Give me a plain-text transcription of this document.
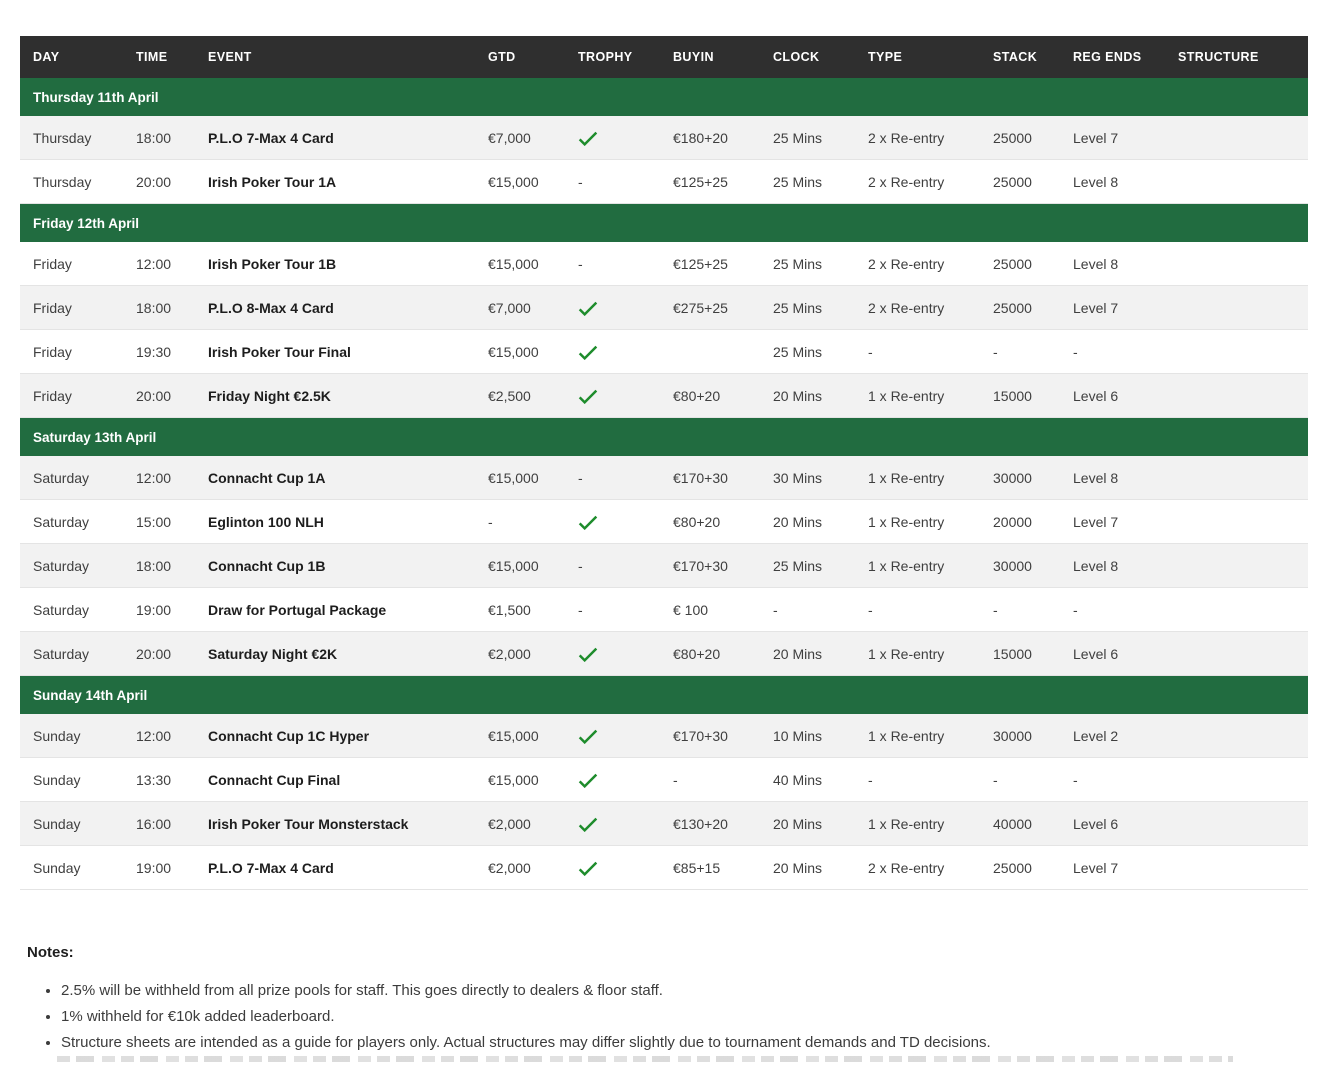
DAY	TIME	EVENT	GTD	TROPHY	BUYIN	CLOCK	TYPE	STACK	REG ENDS	STRUCTURE
Thursday 11th April										
Thursday	18:00	P.L.O 7-Max 4 Card	€7,000		€180+20	25 Mins	2 x Re-entry	25000	Level 7	
Thursday	20:00	Irish Poker Tour 1A	€15,000	-	€125+25	25 Mins	2 x Re-entry	25000	Level 8	
Friday 12th April										
Friday	12:00	Irish Poker Tour 1B	€15,000	-	€125+25	25 Mins	2 x Re-entry	25000	Level 8	
Friday	18:00	P.L.O 8-Max 4 Card	€7,000		€275+25	25 Mins	2 x Re-entry	25000	Level 7	
Friday	19:30	Irish Poker Tour Final	€15,000			25 Mins	-	-	-	
Friday	20:00	Friday Night €2.5K	€2,500		€80+20	20 Mins	1 x Re-entry	15000	Level 6	
Saturday 13th April										
Saturday	12:00	Connacht Cup 1A	€15,000	-	€170+30	30 Mins	1 x Re-entry	30000	Level 8	
Saturday	15:00	Eglinton 100 NLH	-		€80+20	20 Mins	1 x Re-entry	20000	Level 7	
Saturday	18:00	Connacht Cup 1B	€15,000	-	€170+30	25 Mins	1 x Re-entry	30000	Level 8	
Saturday	19:00	Draw for Portugal Package	€1,500	-	€ 100	-	-	-	-	
Saturday	20:00	Saturday Night €2K	€2,000		€80+20	20 Mins	1 x Re-entry	15000	Level 6	
Sunday 14th April										
Sunday	12:00	Connacht Cup 1C Hyper	€15,000		€170+30	10 Mins	1 x Re-entry	30000	Level 2	
Sunday	13:30	Connacht Cup Final	€15,000		-	40 Mins	-	-	-	
Sunday	16:00	Irish Poker Tour Monsterstack	€2,000		€130+20	20 Mins	1 x Re-entry	40000	Level 6	
Sunday	19:00	P.L.O 7-Max 4 Card	€2,000		€85+15	20 Mins	2 x Re-entry	25000	Level 7	
Notes:
• 2.5% will be withheld from all prize pools for staff. This goes directly to dealers & floor staff.
• 1% withheld for €10k added leaderboard.
• Structure sheets are intended as a guide for players only. Actual structures may differ slightly due to tournament demands and TD decisions.
